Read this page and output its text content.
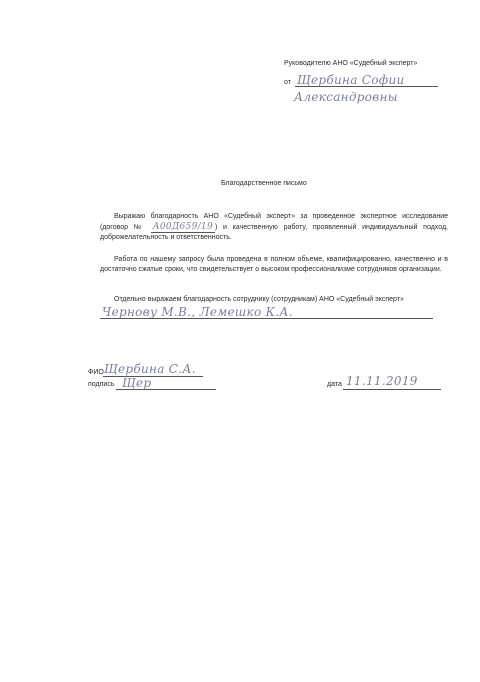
Руководителю АНО «Судебный эксперт»
от Щербина Софии
Александровны
Благодарственное письмо
Выражаю благодарность АНО «Судебный эксперт» за проведенное экспертное исследование (договор № А00Д659/19 ) и качественную работу, проявленный индивидуальный подход, доброжелательность и ответственность.
Работа по нашему запросу была проведена в полном объеме, квалифицированно, качественно и в достаточно сжатые сроки, что свидетельствует о высоком профессионализме сотрудников организации.
Отдельно выражаем благодарность сотруднику (сотрудникам) АНО «Судебный эксперт»
Чернову М.В., Лемешко К.А.
ФИО Щербина С.А.
подпись Щер	дата 11.11.2019
